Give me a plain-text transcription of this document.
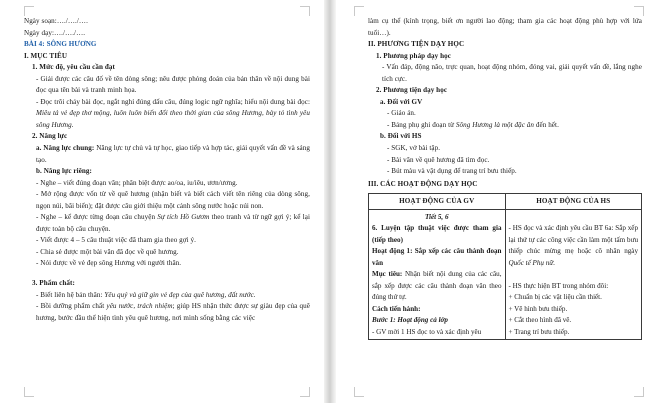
Ngày soạn:…./…./….
Ngày dạy:…./…./….
BÀI 4: SÔNG HƯƠNG
I. MỤC TIÊU
1. Mức độ, yêu cầu cần đạt
- Giải được các câu đố về tên dòng sông; nêu được phỏng đoán của bản thân về nội dung bài đọc qua tên bài và tranh minh họa.
- Đọc trôi chảy bài đọc, ngắt nghỉ đúng dấu câu, đúng logic ngữ nghĩa; hiểu nội dung bài đọc: Miêu tả vẻ đẹp thơ mộng, luôn luôn biến đổi theo thời gian của sông Hương, bày tỏ tình yêu sông Hương.
2. Năng lực
a. Năng lực chung: Năng lực tự chủ và tự học, giao tiếp và hợp tác, giải quyết vấn đề và sáng tạo.
b. Năng lực riêng:
- Nghe – viết đúng đoạn văn; phân biệt được ao/oa, iu/iêu, ươn/ương.
- Mở rộng được vốn từ về quê hương (nhận biết và biết cách viết tên riêng của dòng sông, ngọn núi, bãi biển); đặt được câu giới thiệu một cảnh sông nước hoặc núi non.
- Nghe – kể được từng đoạn câu chuyện Sự tích Hồ Gươm theo tranh và từ ngữ gợi ý; kể lại được toàn bộ câu chuyện.
- Viết được 4 – 5 câu thuật việc đã tham gia theo gợi ý.
- Chia sẻ được một bài văn đã đọc về quê hương.
- Nói được về vẻ đẹp sông Hương với người thân.
3. Phẩm chất:
- Biết liên hệ bản thân: Yêu quý và giữ gìn vẻ đẹp của quê hương, đất nước.
- Bồi dưỡng phẩm chất yêu nước, trách nhiệm; giúp HS nhận thức được sự giàu đẹp của quê hương, bước đầu thể hiện tình yêu quê hương, nơi mình sống bằng các việc
làm cụ thể (kính trọng, biết ơn người lao động; tham gia các hoạt động phù hợp với lứa tuổi…).
II. PHƯƠNG TIỆN DẠY HỌC
1. Phương pháp dạy học
- Vấn đáp, động não, trực quan, hoạt động nhóm, đóng vai, giải quyết vấn đề, lắng nghe tích cực.
2. Phương tiện dạy học
a. Đối với GV
- Giáo án.
- Bảng phụ ghi đoạn từ Sông Hương là một đặc ân đến hết.
b. Đối với HS
- SGK, vở bài tập.
- Bài văn về quê hương đã tìm đọc.
- Bút màu và vật dụng để trang trí bưu thiếp.
III. CÁC HOẠT ĐỘNG DẠY HỌC
HOẠT ĐỘNG CỦA GV	HOẠT ĐỘNG CỦA HS

Tiết 5, 6
6. Luyện tập thuật việc được tham gia (tiếp theo)
Hoạt động 1: Sắp xếp các câu thành đoạn văn
Mục tiêu: Nhận biết nội dung của các câu, sắp xếp được các câu thành đoạn văn theo đúng thứ tự.
Cách tiến hành:
Bước 1: Hoạt động cả lớp
- GV mời 1 HS đọc to và xác định yêu

- HS đọc và xác định yêu cầu BT 6a: Sắp xếp lại thứ tự các công việc cần làm một tấm bưu thiếp chúc mừng mẹ hoặc cô nhân ngày Quốc tế Phụ nữ.
- HS thực hiện BT trong nhóm đôi:
+ Chuẩn bị các vật liệu cần thiết.
+ Vẽ hình bưu thiếp.
+ Cắt theo hình đã vẽ.
+ Trang trí bưu thiếp.
